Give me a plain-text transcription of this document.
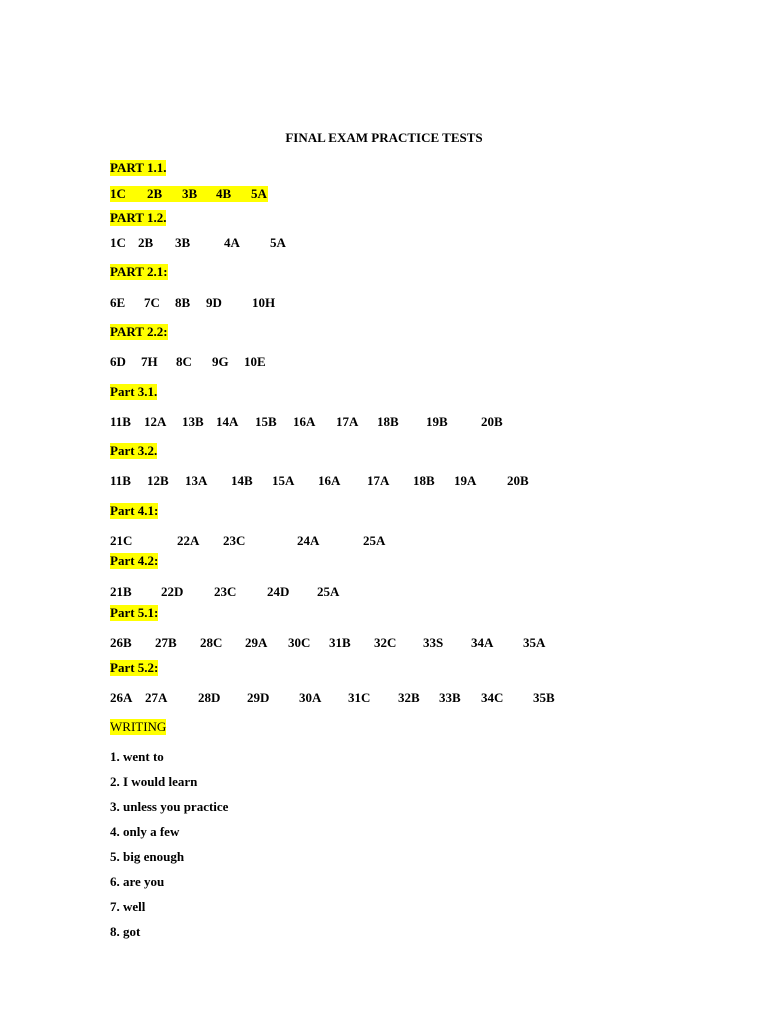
FINAL EXAM PRACTICE TESTS
PART 1.1.
1C 2B 3B 4B 5A
PART 1.2.
1C 2B 3B	4A 5A
PART 2.1:
6E 7C 8B 9D 10H
PART 2.2:
6D 7H 8C 9G 10E
Part 3.1.
11B 12A 13B 14A 15B 16A 17A 18B 19B	20B
Part 3.2.
11B 12B 13A 14B 15A 16A 17A 18B 19A 20B
Part 4.1:
21C	22A 23C	24A	25A
Part 4.2:
21B 22D 23C 24D 25A
Part 5.1:
26B 27B 28C 29A 30C 31B 32C 33S 34A 35A
Part 5.2:
26A 27A 28D 29D 30A 31C 32B 33B 34C 35B
WRITING
1. went to
2. I would learn
3. unless you practice
4. only a few
5. big enough
6. are you
7. well
8. got
